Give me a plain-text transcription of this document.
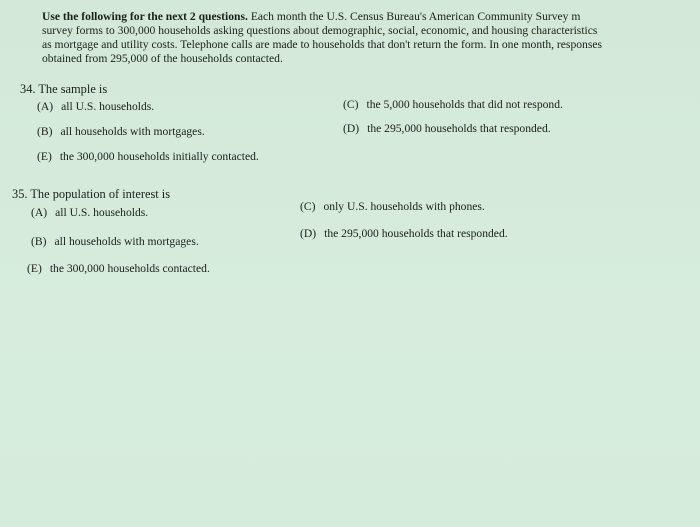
Use the following for the next 2 questions. Each month the U.S. Census Bureau's American Community Survey m
survey forms to 300,000 households asking questions about demographic, social, economic, and housing characteristics
as mortgage and utility costs. Telephone calls are made to households that don't return the form. In one month, responses
obtained from 295,000 of the households contacted.
34. The sample is
(A) all U.S. households.
(B) all households with mortgages.
(E) the 300,000 households initially contacted.
(C) the 5,000 households that did not respond.
(D) the 295,000 households that responded.
35. The population of interest is
(A) all U.S. households.
(B) all households with mortgages.
(E) the 300,000 households contacted.
(C) only U.S. households with phones.
(D) the 295,000 households that responded.
